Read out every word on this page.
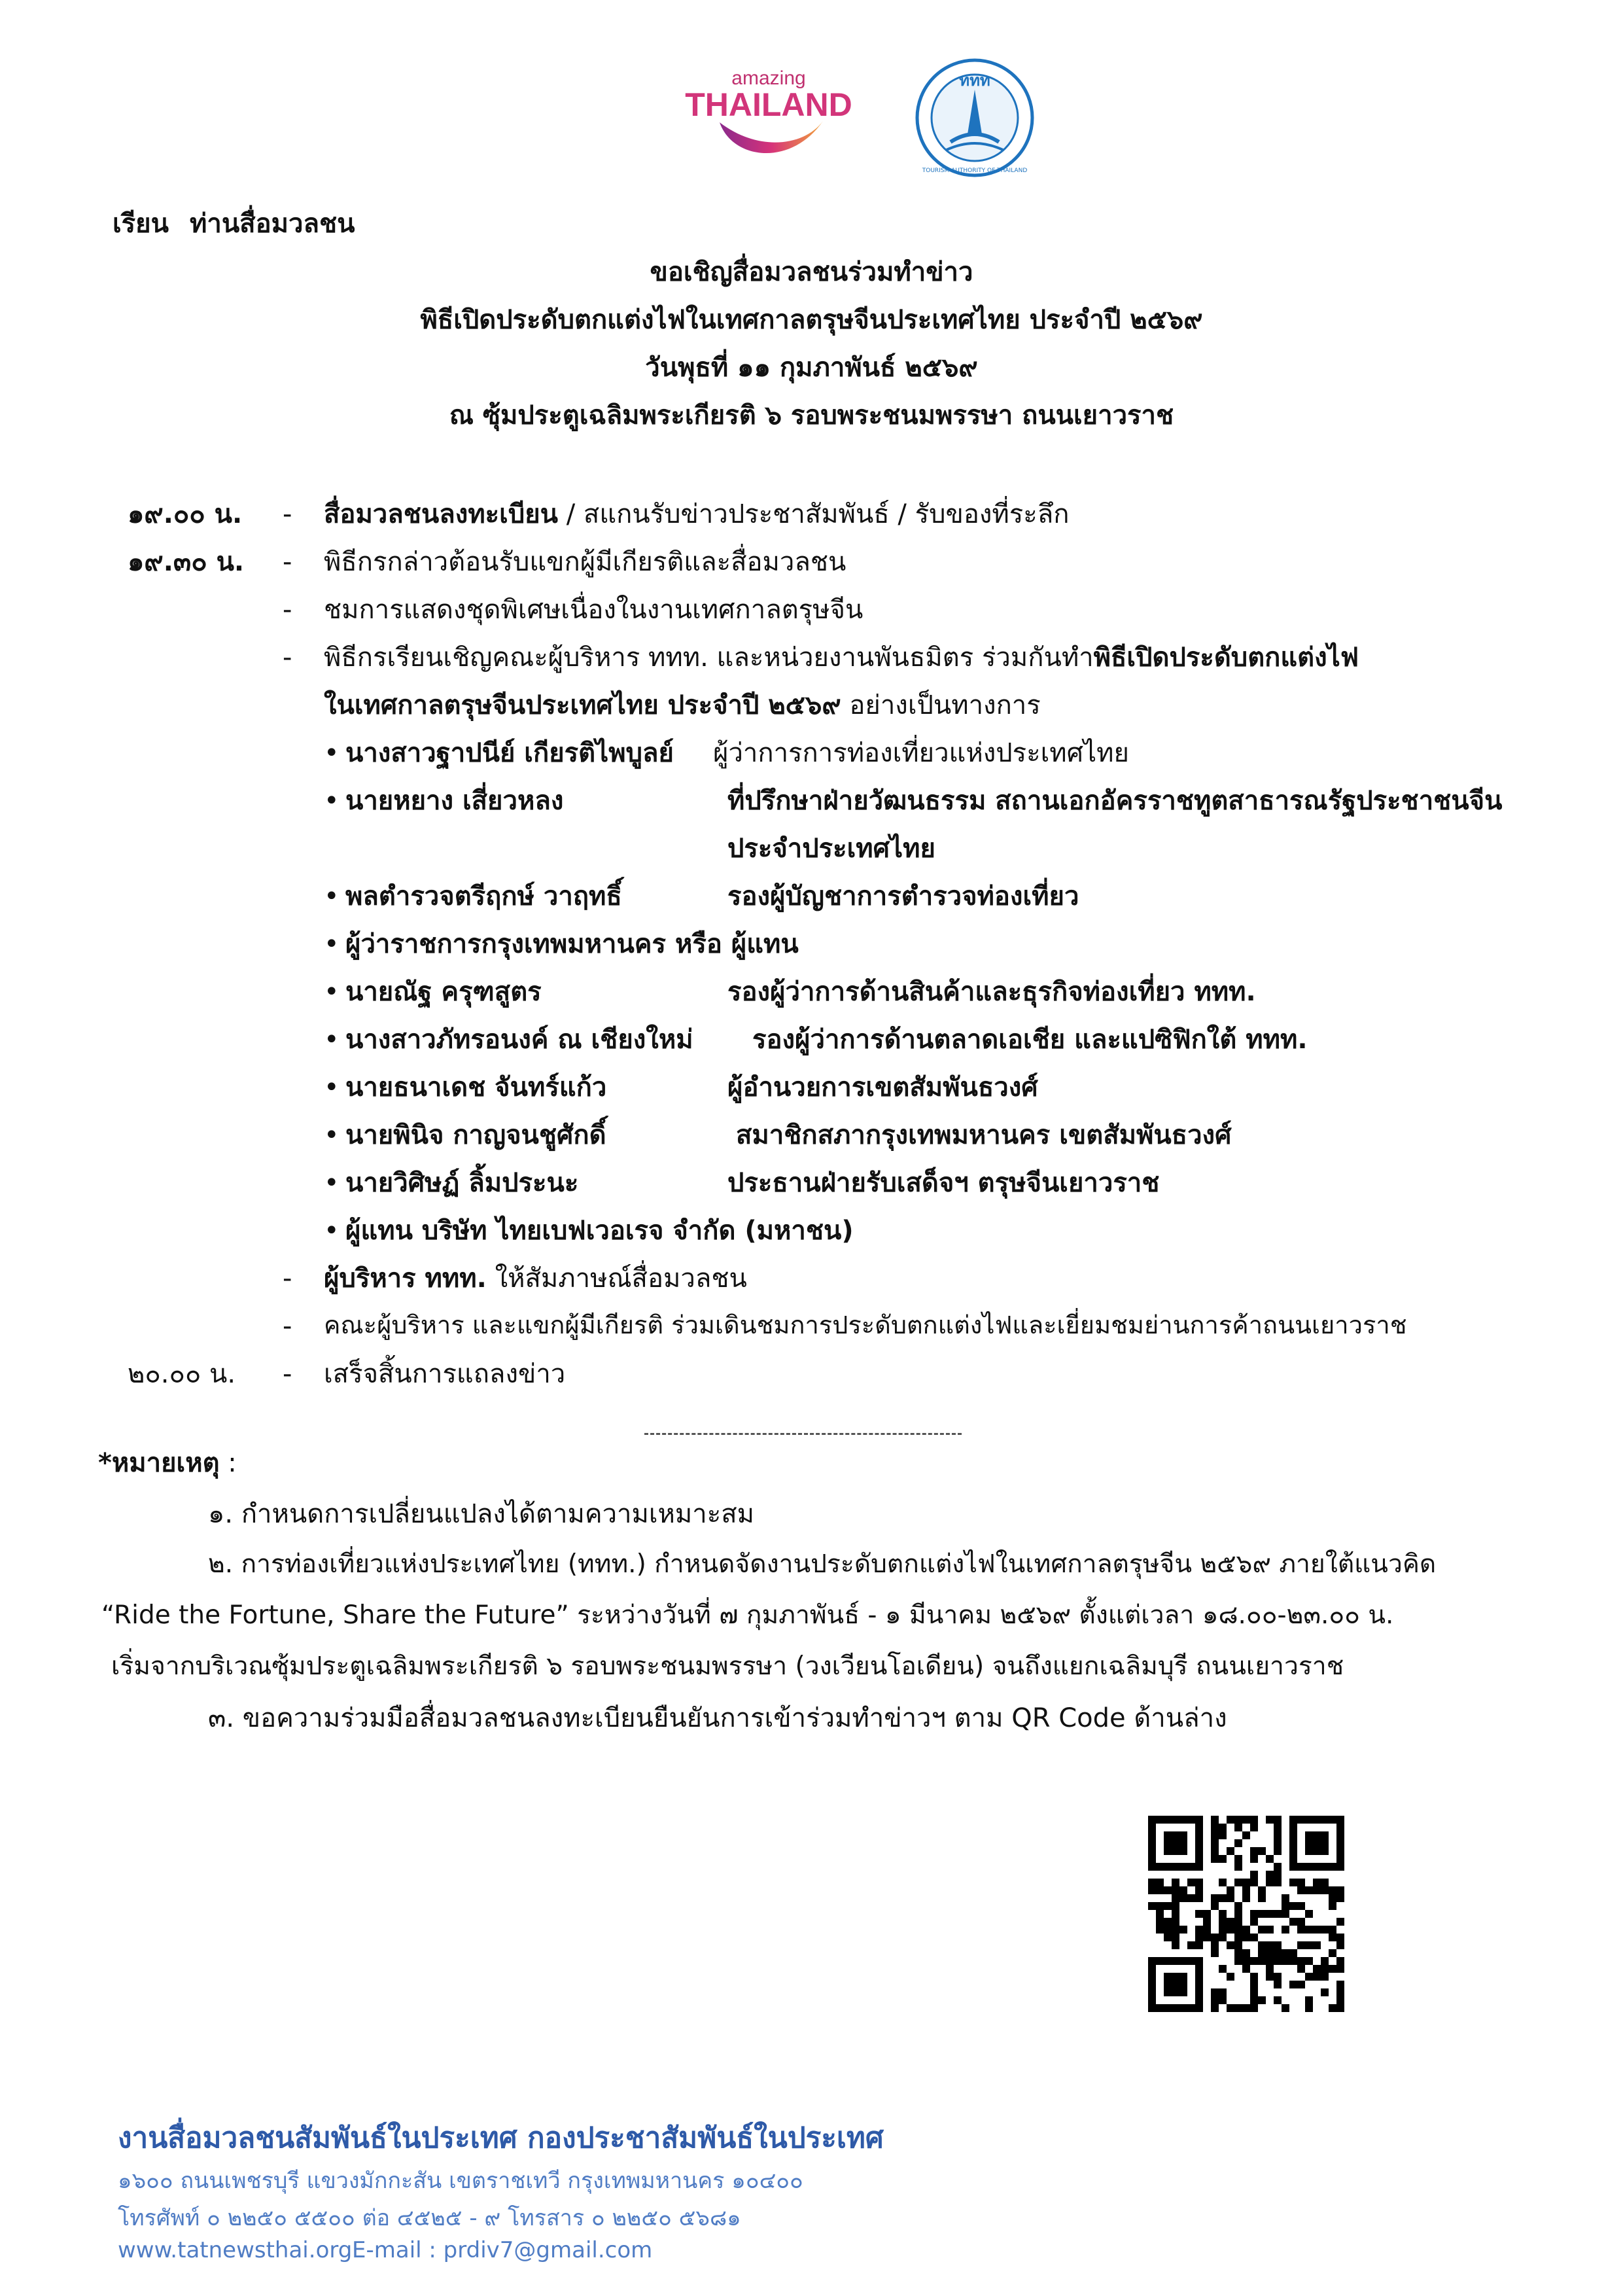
amazing
THAILAND
ททท
TOURISM AUTHORITY OF THAILAND
เรียน ท่านสื่อมวลชน
ขอเชิญสื่อมวลชนร่วมทำข่าว
พิธีเปิดประดับตกแต่งไฟในเทศกาลตรุษจีนประเทศไทย ประจำปี ๒๕๖๙
วันพุธที่ ๑๑ กุมภาพันธ์ ๒๕๖๙
ณ ซุ้มประตูเฉลิมพระเกียรติ ๖ รอบพระชนมพรรษา ถนนเยาวราช
๑๙.๐๐ น.	- สื่อมวลชนลงทะเบียน / สแกนรับข่าวประชาสัมพันธ์ / รับของที่ระลึก
๑๙.๓๐ น.	- พิธีกรกล่าวต้อนรับแขกผู้มีเกียรติและสื่อมวลชน
- ชมการแสดงชุดพิเศษเนื่องในงานเทศกาลตรุษจีน
- พิธีกรเรียนเชิญคณะผู้บริหาร ททท. และหน่วยงานพันธมิตร ร่วมกันทำพิธีเปิดประดับตกแต่งไฟ
ในเทศกาลตรุษจีนประเทศไทย ประจำปี ๒๕๖๙ อย่างเป็นทางการ
• นางสาวฐาปนีย์ เกียรติไพบูลย์ ผู้ว่าการการท่องเที่ยวแห่งประเทศไทย
• นายหยาง เสี่ยวหลง	ที่ปรึกษาฝ่ายวัฒนธรรม สถานเอกอัครราชทูตสาธารณรัฐประชาชนจีน
ประจำประเทศไทย
• พลตำรวจตรีฤกษ์ วาฤทธิ์	รองผู้บัญชาการตำรวจท่องเที่ยว
• ผู้ว่าราชการกรุงเทพมหานคร หรือ ผู้แทน
• นายณัฐ ครุฑสูตร	รองผู้ว่าการด้านสินค้าและธุรกิจท่องเที่ยว ททท.
• นางสาวภัทรอนงค์ ณ เชียงใหม่ รองผู้ว่าการด้านตลาดเอเชีย และแปซิฟิกใต้ ททท.
• นายธนาเดช จันทร์แก้ว	ผู้อำนวยการเขตสัมพันธวงศ์
• นายพินิจ กาญจนชูศักดิ์	สมาชิกสภากรุงเทพมหานคร เขตสัมพันธวงศ์
• นายวิศิษฏ์ ลิ้มประนะ	ประธานฝ่ายรับเสด็จฯ ตรุษจีนเยาวราช
• ผู้แทน บริษัท ไทยเบฟเวอเรจ จำกัด (มหาชน)
- ผู้บริหาร ททท. ให้สัมภาษณ์สื่อมวลชน
- คณะผู้บริหาร และแขกผู้มีเกียรติ ร่วมเดินชมการประดับตกแต่งไฟและเยี่ยมชมย่านการค้าถนนเยาวราช
๒๐.๐๐ น. - เสร็จสิ้นการแถลงข่าว
*หมายเหตุ :
๑. กำหนดการเปลี่ยนแปลงได้ตามความเหมาะสม
๒. การท่องเที่ยวแห่งประเทศไทย (ททท.) กำหนดจัดงานประดับตกแต่งไฟในเทศกาลตรุษจีน ๒๕๖๙ ภายใต้แนวคิด
“Ride the Fortune, Share the Future” ระหว่างวันที่ ๗ กุมภาพันธ์ - ๑ มีนาคม ๒๕๖๙ ตั้งแต่เวลา ๑๘.๐๐-๒๓.๐๐ น.
เริ่มจากบริเวณซุ้มประตูเฉลิมพระเกียรติ ๖ รอบพระชนมพรรษา (วงเวียนโอเดียน) จนถึงแยกเฉลิมบุรี ถนนเยาวราช
๓. ขอความร่วมมือสื่อมวลชนลงทะเบียนยืนยันการเข้าร่วมทำข่าวฯ ตาม QR Code ด้านล่าง
งานสื่อมวลชนสัมพันธ์ในประเทศ กองประชาสัมพันธ์ในประเทศ
๑๖๐๐ ถนนเพชรบุรี แขวงมักกะสัน เขตราชเทวี กรุงเทพมหานคร ๑๐๔๐๐
โทรศัพท์ ๐ ๒๒๕๐ ๕๕๐๐ ต่อ ๔๕๒๕ - ๙ โทรสาร ๐ ๒๒๕๐ ๕๖๘๑
www.tatnewsthai.org E-mail : prdiv7@gmail.com
